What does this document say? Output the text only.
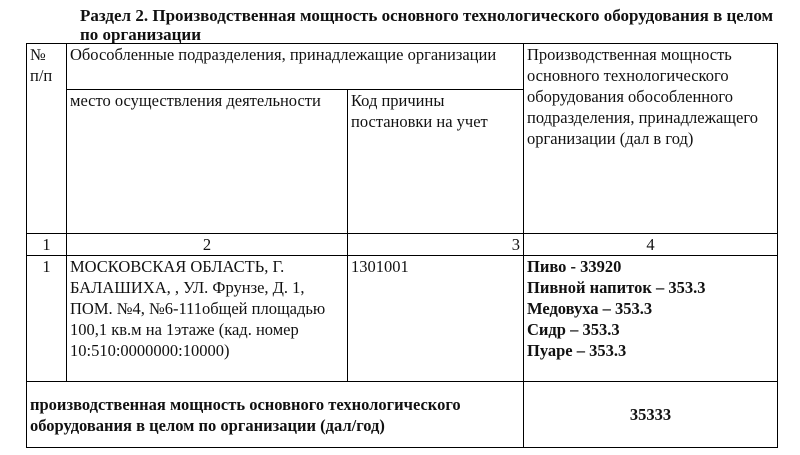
Раздел 2. Производственная мощность основного технологического оборудования в целом по организации
№ п/п	Обособленные подразделения, принадлежащие организации		Производственная мощность основного технологического оборудования обособленного подразделения, принадлежащего организации (дал в год)
	место осуществления деятельности	Код причины постановки на учет	
1	2	3	4
1	МОСКОВСКАЯ ОБЛАСТЬ, Г. БАЛАШИХА, , УЛ. Фрунзе, Д. 1, ПОМ. №4, №6-111общей площадью 100,1 кв.м на 1этаже (кад. номер 10:510:0000000:10000)	1301001	Пиво - 33920
Пивной напиток – 353.3
Медовуха – 353.3
Сидр – 353.3
Пуаре – 353.3

производственная мощность основного технологического оборудования в целом по организации (дал/год)			35333
